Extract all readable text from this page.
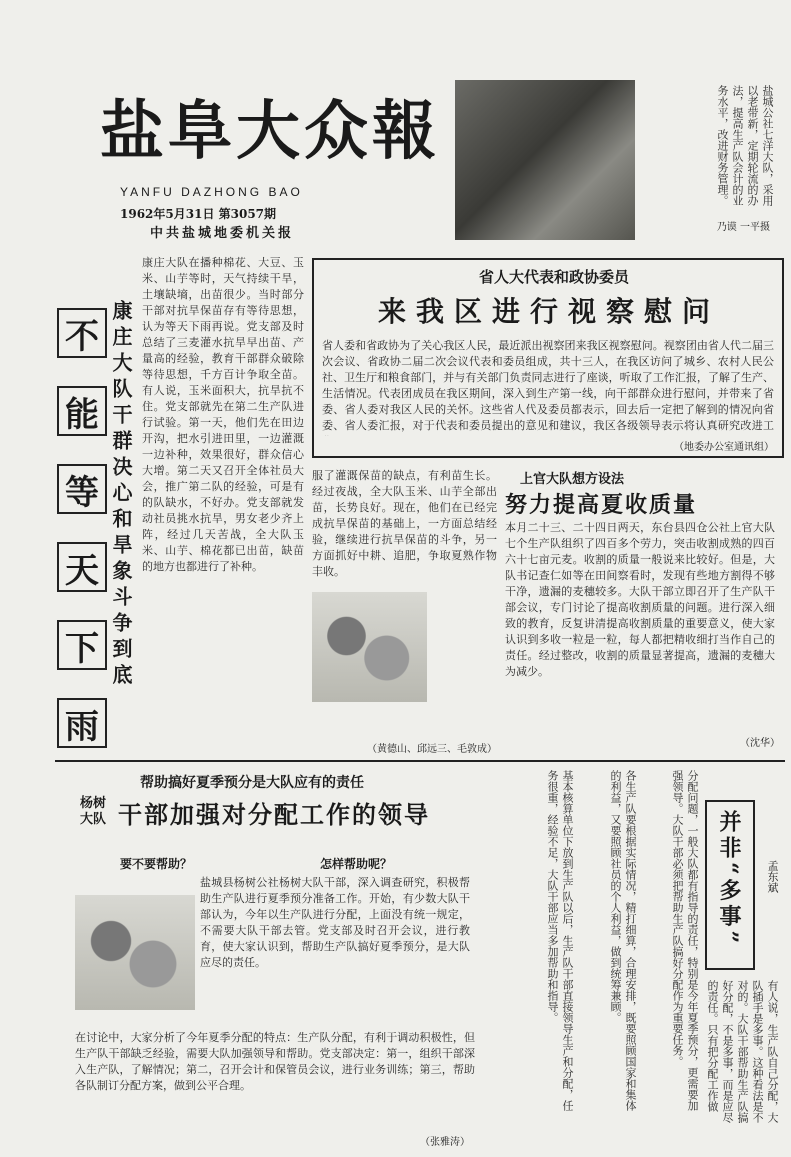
盐阜大众報
YANFU DAZHONG BAO
1962年5月31日 第3057期
中共盐城地委机关报
盐城公社七洋大队，采用以老带新，定期轮流的办法，提高生产队会计的业务水平，改进财务管理。
乃谟 一平摄
不
能
等
天
下
雨
康庄大队干群决心和旱象斗争到底
康庄大队在播种棉花、大豆、玉米、山芋等时，天气持续干旱，土壤缺墒，出苗很少。当时部分干部对抗旱保苗存有等待思想，认为等天下雨再说。党支部及时总结了三麦灌水抗旱早出苗、产量高的经验，教育干部群众破除等待思想，千方百计争取全苗。有人说，玉米面积大，抗旱抗不住。党支部就先在第二生产队进行试验。第一天，他们先在田边开沟，把水引进田里，一边灌溉一边补种，效果很好，群众信心大增。第二天又召开全体社员大会，推广第二队的经验，可是有的队缺水，不好办。党支部就发动社员挑水抗旱，男女老少齐上阵，经过几天苦战，全大队玉米、山芋、棉花都已出苗，缺苗的地方也都进行了补种。
省人大代表和政协委员
来我区进行视察慰问
省人委和省政协为了关心我区人民，最近派出视察团来我区视察慰问。视察团由省人代二届三次会议、省政协二届二次会议代表和委员组成，共十三人，在我区访问了城乡、农村人民公社、卫生厅和粮食部门，并与有关部门负责同志进行了座谈，听取了工作汇报，了解了生产、生活情况。代表团成员在我区期间，深入到生产第一线，向干部群众进行慰问，并带来了省委、省人委对我区人民的关怀。这些省人代及委员都表示，回去后一定把了解到的情况向省委、省人委汇报，对于代表和委员提出的意见和建议，我区各级领导表示将认真研究改进工
（地委办公室通讯组）
上官大队想方设法
努力提高夏收质量
本月二十三、二十四日两天，东台县四仓公社上官大队七个生产队组织了四百多个劳力，突击收割成熟的四百六十七亩元麦。收割的质量一般说来比较好。但是，大队书记查仁如等在田间察看时，发现有些地方割得不够干净，遗漏的麦穗较多。大队干部立即召开了生产队干部会议，专门讨论了提高收割质量的问题。进行深入细致的教育，反复讲清提高收割质量的重要意义，使大家认识到多收一粒是一粒，每人都把精收细打当作自己的责任。经过整改，收割的质量显著提高，遗漏的麦穗大为减少。
（沈华）
服了灌溉保苗的缺点，有利苗生长。经过夜战，全大队玉米、山芋全部出苗，长势良好。现在，他们在已经完成抗旱保苗的基础上，一方面总结经验，继续进行抗旱保苗的斗争，另一方面抓好中耕、追肥，争取夏熟作物丰收。
（黄德山、邱远三、毛敦成）
帮助搞好夏季预分是大队应有的责任
杨树大队 干部加强对分配工作的领导
要不要帮助？
盐城县杨树公社杨树大队干部，深入调查研究，积极帮助生产队进行夏季预分准备工作。开始，有少数大队干部认为，今年以生产队进行分配，上面没有统一规定，不需要大队干部去管。党支部及时召开会议，进行教育，使大家认识到，帮助生产队搞好夏季预分，是大队应尽的责任。
怎样帮助呢？
在讨论中，大家分析了今年夏季分配的特点：生产队分配，有利于调动积极性，但生产队干部缺乏经验，需要大队加强领导和帮助。党支部决定：第一，组织干部深入生产队，了解情况；第二，召开会计和保管员会议，进行业务训练；第三，帮助各队制订分配方案，做到公平合理。
（张雅涛）
基本核算单位下放到生产队以后，生产队干部直接领导生产和分配，任务很重，经验不足，大队干部应当多加帮助和指导。	各生产队要根据实际情况，精打细算，合理安排，既要照顾国家和集体的利益，又要照顾社员的个人利益，做到统筹兼顾。	分配问题，一般大队都有指导的责任，特别是今年夏季预分，更需要加强领导。大队干部必须把帮助生产队搞好分配作为重要任务。	并非“多事”	孟东斌
有人说，生产队自己分配，大队插手是多事。这种看法是不对的。大队干部帮助生产队搞好分配，不是多事，而是应尽的责任。只有把分配工作做
